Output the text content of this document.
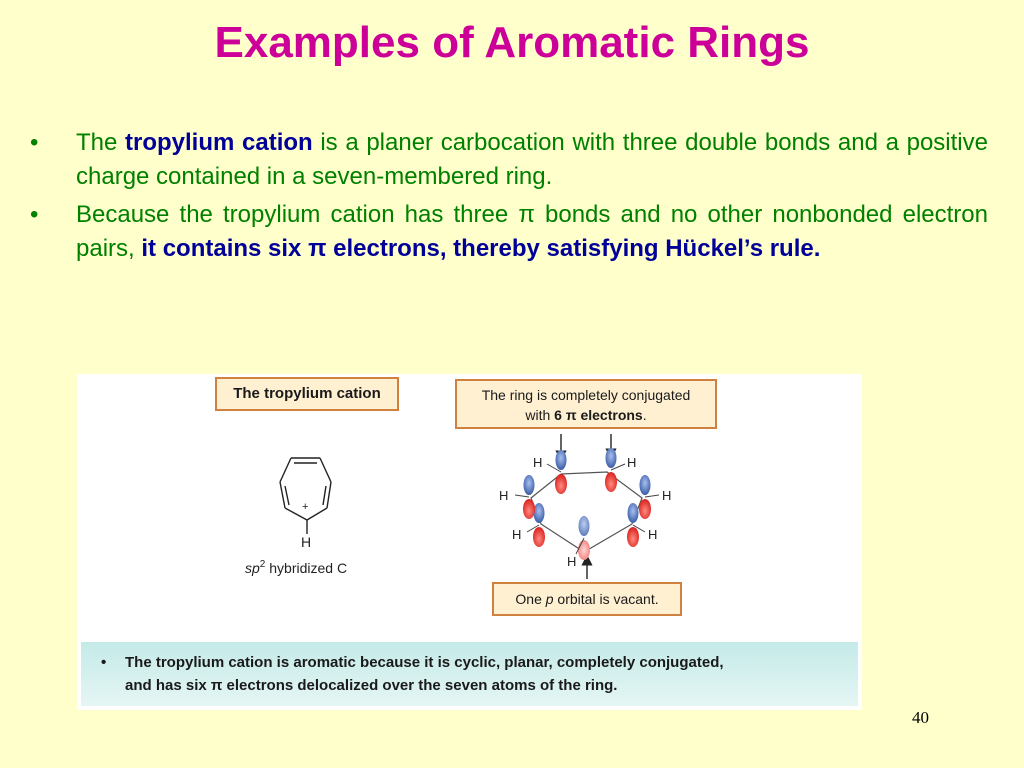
Examples of Aromatic Rings
•	The tropylium cation is a planer carbocation with three double bonds and a positive charge contained in a seven-membered ring.
•	Because the tropylium cation has three π bonds and no other nonbonded electron pairs, it contains six π electrons, thereby satisfying Hückel’s rule.
The tropylium cation	The ring is completely conjugated
with 6 π electrons.
One p orbital is vacant.
+
H
$sp^2$ hybridized C
H	H
H
H
H
H
H
• The tropylium cation is aromatic because it is cyclic, planar, completely conjugated,
and has six π electrons delocalized over the seven atoms of the ring.
40
